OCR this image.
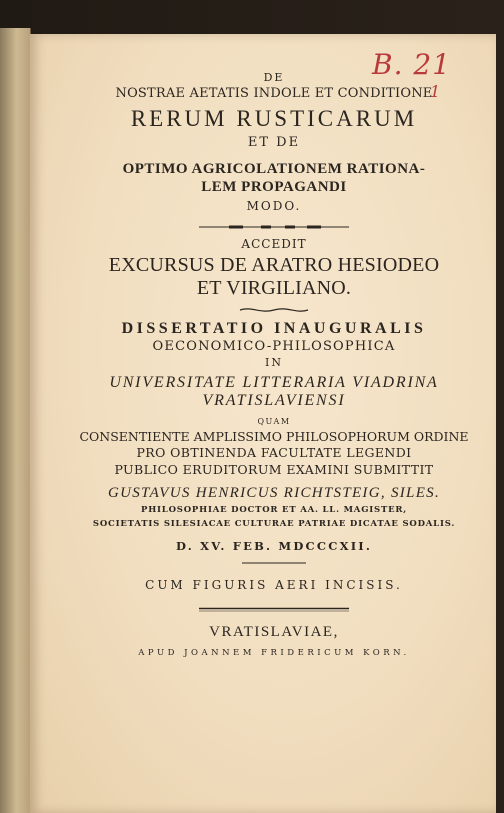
B. 21
1
DE
NOSTRAE AETATIS INDOLE ET CONDITIONE
RERUM RUSTICARUM
ET DE
OPTIMO AGRICOLATIONEM RATIONA-
LEM PROPAGANDI
MODO.
ACCEDIT
EXCURSUS DE ARATRO HESIODEO
ET VIRGILIANO.
DISSERTATIO INAUGURALIS
OECONOMICO-PHILOSOPHICA
IN
UNIVERSITATE LITTERARIA VIADRINA
VRATISLAVIENSI
QUAM
CONSENTIENTE AMPLISSIMO PHILOSOPHORUM ORDINE
PRO OBTINENDA FACULTATE LEGENDI
PUBLICO ERUDITORUM EXAMINI SUBMITTIT
GUSTAVUS HENRICUS RICHTSTEIG, SILES.
PHILOSOPHIAE DOCTOR ET AA. LL. MAGISTER,
SOCIETATIS SILESIACAE CULTURAE PATRIAE DICATAE SODALIS.
D. XV. FEB. MDCCCXII.
CUM FIGURIS AERI INCISIS.
VRATISLAVIAE,
APUD JOANNEM FRIDERICUM KORN.
